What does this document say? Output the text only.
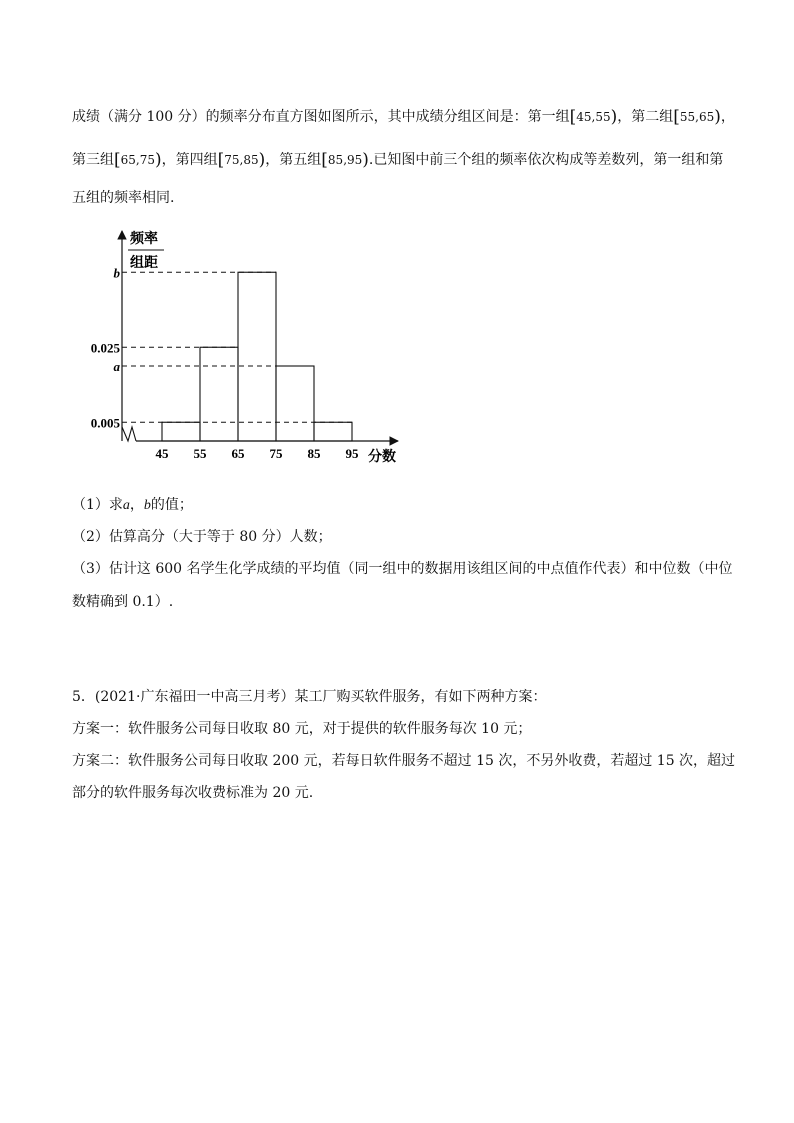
成绩（满分 100 分）的频率分布直方图如图所示，其中成绩分组区间是：第一组[45,55)，第二组[55,65)，
第三组[65,75)，第四组[75,85)，第五组[85,95).已知图中前三个组的频率依次构成等差数列，第一组和第
五组的频率相同.
频率
组距
分数
b
0.025
a
0.005
45 55 65 75 85 95
（1）求a，b的值；
（2）估算高分（大于等于 80 分）人数；
（3）估计这 600 名学生化学成绩的平均值（同一组中的数据用该组区间的中点值作代表）和中位数（中位
数精确到 0.1）.
5．(2021·广东福田一中高三月考）某工厂购买软件服务，有如下两种方案：
方案一：软件服务公司每日收取 80 元，对于提供的软件服务每次 10 元；
方案二：软件服务公司每日收取 200 元，若每日软件服务不超过 15 次，不另外收费，若超过 15 次，超过
部分的软件服务每次收费标准为 20 元.
